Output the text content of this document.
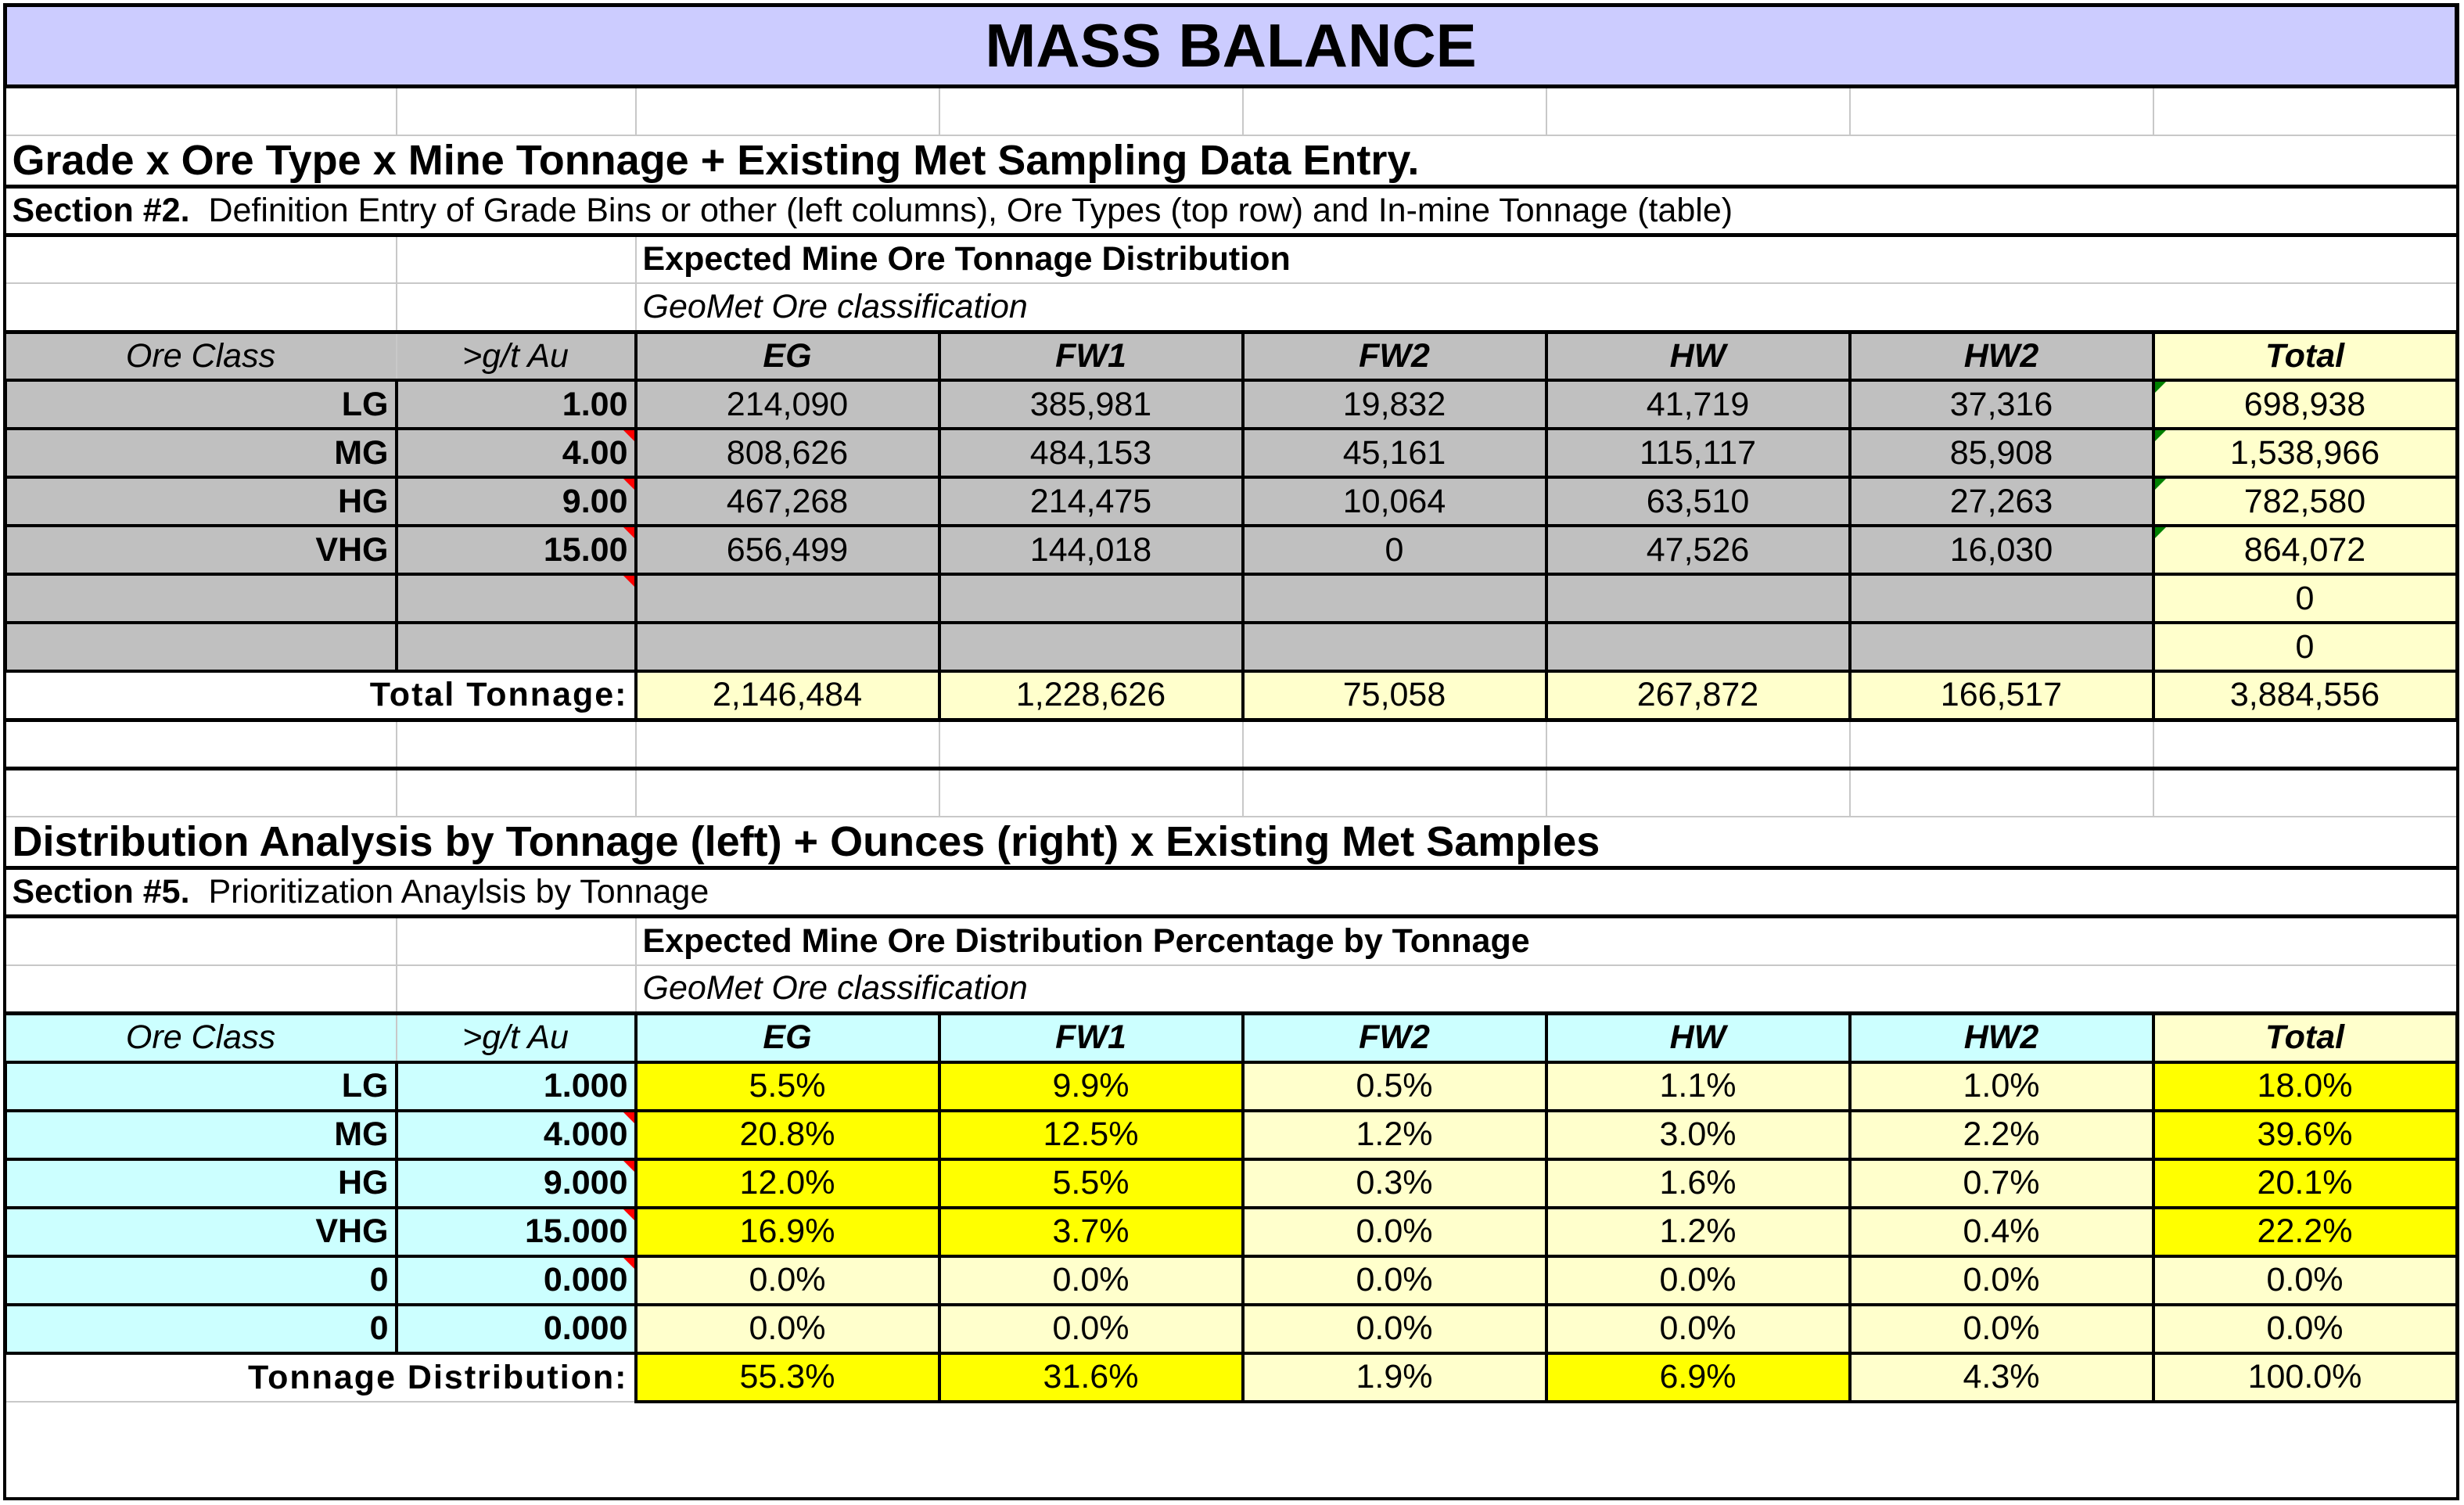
MASS BALANCE							

Grade x Ore Type x Mine Tonnage + Existing Met Sampling Data Entry.							
Section #2. Definition Entry of Grade Bins or other (left columns), Ore Types (top row) and In-mine Tonnage (table)							
		Expected Mine Ore Tonnage Distribution					
		GeoMet Ore classification					
Ore Class	>g/t Au	EG	FW1	FW2	HW	HW2	Total
LG	1.00	214,090	385,981	19,832	41,719	37,316	698,938
MG	4.00	808,626	484,153	45,161	115,117	85,908	1,538,966
HG	9.00	467,268	214,475	10,064	63,510	27,263	782,580
VHG	15.00	656,499	144,018	0	47,526	16,030	864,072
							0
							0
Total Tonnage:		2,146,484	1,228,626	75,058	267,872	166,517	3,884,556

Distribution Analysis by Tonnage (left) + Ounces (right) x Existing Met Samples							
Section #5. Prioritization Anaylsis by Tonnage							
		Expected Mine Ore Distribution Percentage by Tonnage					
		GeoMet Ore classification					
Ore Class	>g/t Au	EG	FW1	FW2	HW	HW2	Total
LG	1.000	5.5%	9.9%	0.5%	1.1%	1.0%	18.0%
MG	4.000	20.8%	12.5%	1.2%	3.0%	2.2%	39.6%
HG	9.000	12.0%	5.5%	0.3%	1.6%	0.7%	20.1%
VHG	15.000	16.9%	3.7%	0.0%	1.2%	0.4%	22.2%
0	0.000	0.0%	0.0%	0.0%	0.0%	0.0%	0.0%
0	0.000	0.0%	0.0%	0.0%	0.0%	0.0%	0.0%
Tonnage Distribution:		55.3%	31.6%	1.9%	6.9%	4.3%	100.0%
